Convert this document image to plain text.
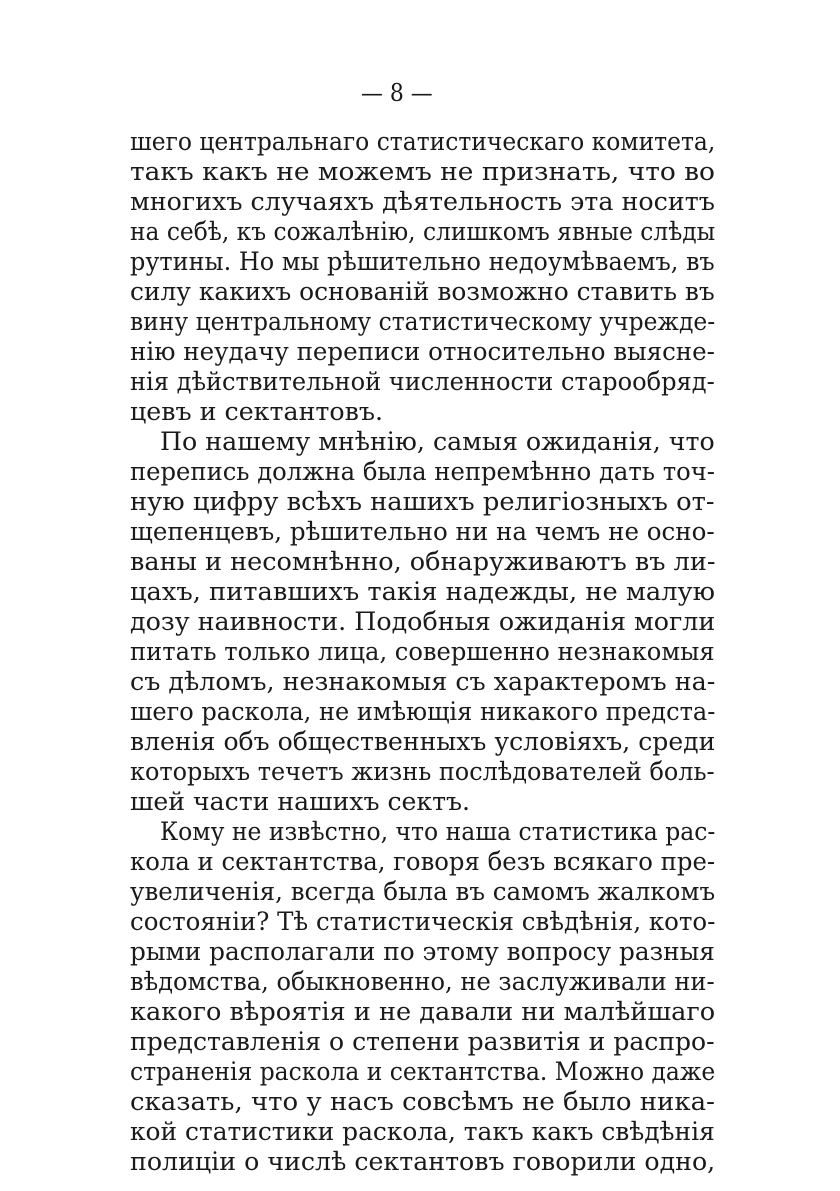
— 8 —
шего центральнаго статистическаго комитета,
такъ какъ не можемъ не признать, что во
многихъ случаяхъ дѣятельность эта носитъ
на себѣ, къ сожалѣнію, слишкомъ явные слѣды
рутины. Но мы рѣшительно недоумѣваемъ, въ
силу какихъ основаній возможно ставить въ
вину центральному статистическому учрежде-
нію неудачу переписи относительно выясне-
нія дѣйствительной численности старообряд-
цевъ и сектантовъ.
По нашему мнѣнію, самыя ожиданія, что
перепись должна была непремѣнно дать точ-
ную цифру всѣхъ нашихъ религіозныхъ от-
щепенцевъ, рѣшительно ни на чемъ не осно-
ваны и несомнѣнно, обнаруживаютъ въ ли-
цахъ, питавшихъ такія надежды, не малую
дозу наивности. Подобныя ожиданія могли
питать только лица, совершенно незнакомыя
съ дѣломъ, незнакомыя съ характеромъ на-
шего раскола, не имѣющія никакого предста-
вленія объ общественныхъ условіяхъ, среди
которыхъ течетъ жизнь послѣдователей боль-
шей части нашихъ сектъ.
Кому не извѣстно, что наша статистика рас-
кола и сектантства, говоря безъ всякаго пре-
увеличенія, всегда была въ самомъ жалкомъ
состояніи? Тѣ статистическія свѣдѣнія, кото-
рыми располагали по этому вопросу разныя
вѣдомства, обыкновенно, не заслуживали ни-
какого вѣроятія и не давали ни малѣйшаго
представленія о степени развитія и распро-
страненія раскола и сектантства. Можно даже
сказать, что у насъ совсѣмъ не было ника-
кой статистики раскола, такъ какъ свѣдѣнія
полиціи о числѣ сектантовъ говорили одно,
